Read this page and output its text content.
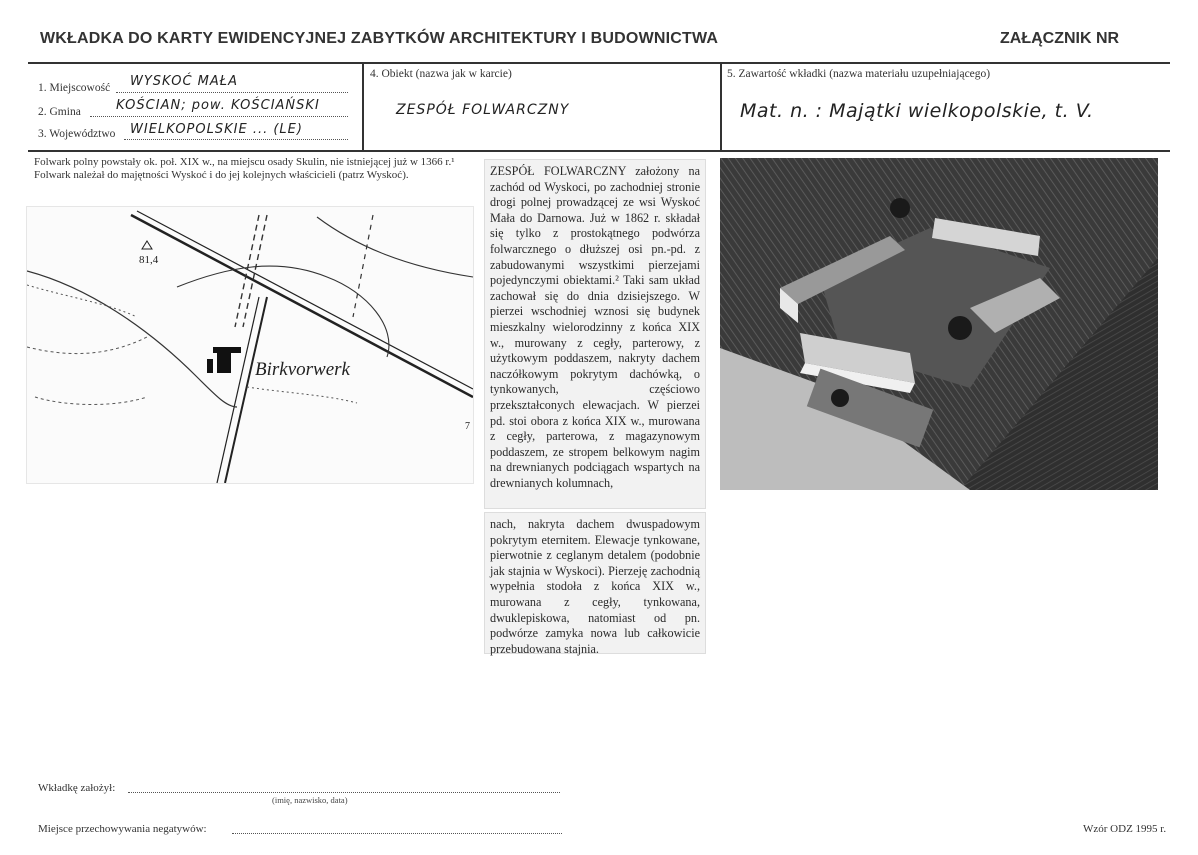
WKŁADKA DO KARTY EWIDENCYJNEJ ZABYTKÓW ARCHITEKTURY I BUDOWNICTWA	ZAŁĄCZNIK NR
1. Miejscowość WYSKOĆ MAŁA
2. Gmina	KOŚCIAN; pow. KOŚCIAŃSKI
3. Województwo WIELKOPOLSKIE ... (LE)
4. Obiekt (nazwa jak w karcie)
ZESPÓŁ FOLWARCZNY
5. Zawartość wkładki (nazwa materiału uzupełniającego)
Mat. n. : Majątki wielkopolskie, t. V.
Folwark polny powstały ok. poł. XIX w., na miejscu osady Skulin, nie istniejącej już w 1366 r.¹ Folwark należał do majętności Wyskoć i do jej kolejnych właścicieli (patrz Wyskoć).
81,4
Birkvorwerk
7
ZESPÓŁ FOLWARCZNY założony na zachód od Wyskoci, po zachodniej stronie drogi polnej prowadzącej ze wsi Wyskoć Mała do Darnowa. Już w 1862 r. składał się tylko z prostokątnego podwórza folwarcznego o dłuższej osi pn.-pd. z zabudowanymi wszystkimi pierzejami pojedynczymi obiektami.² Taki sam układ zachował się do dnia dzisiejszego. W pierzei wschodniej wznosi się budynek mieszkalny wielorodzinny z końca XIX w., murowany z cegły, parterowy, z użytkowym poddaszem, nakryty dachem naczółkowym pokrytym dachówką, o tynkowanych, częściowo przekształconych elewacjach. W pierzei pd. stoi obora z końca XIX w., murowana z cegły, parterowa, z magazynowym poddaszem, ze stropem belkowym nagim na drewnianych podciągach wspartych na drewnianych kolumnach,
nach, nakryta dachem dwuspadowym pokrytym eternitem. Elewacje tynkowane, pierwotnie z ceglanym detalem (podobnie jak stajnia w Wyskoci). Pierzeję zachodnią wypełnia stodoła z końca XIX w., murowana z cegły, tynkowana, dwuklepiskowa, natomiast od pn. podwórze zamyka nowa lub całkowicie przebudowana stajnia.
Wkładkę założył:
(imię, nazwisko, data)
Miejsce przechowywania negatywów:	Wzór ODZ 1995 r.
